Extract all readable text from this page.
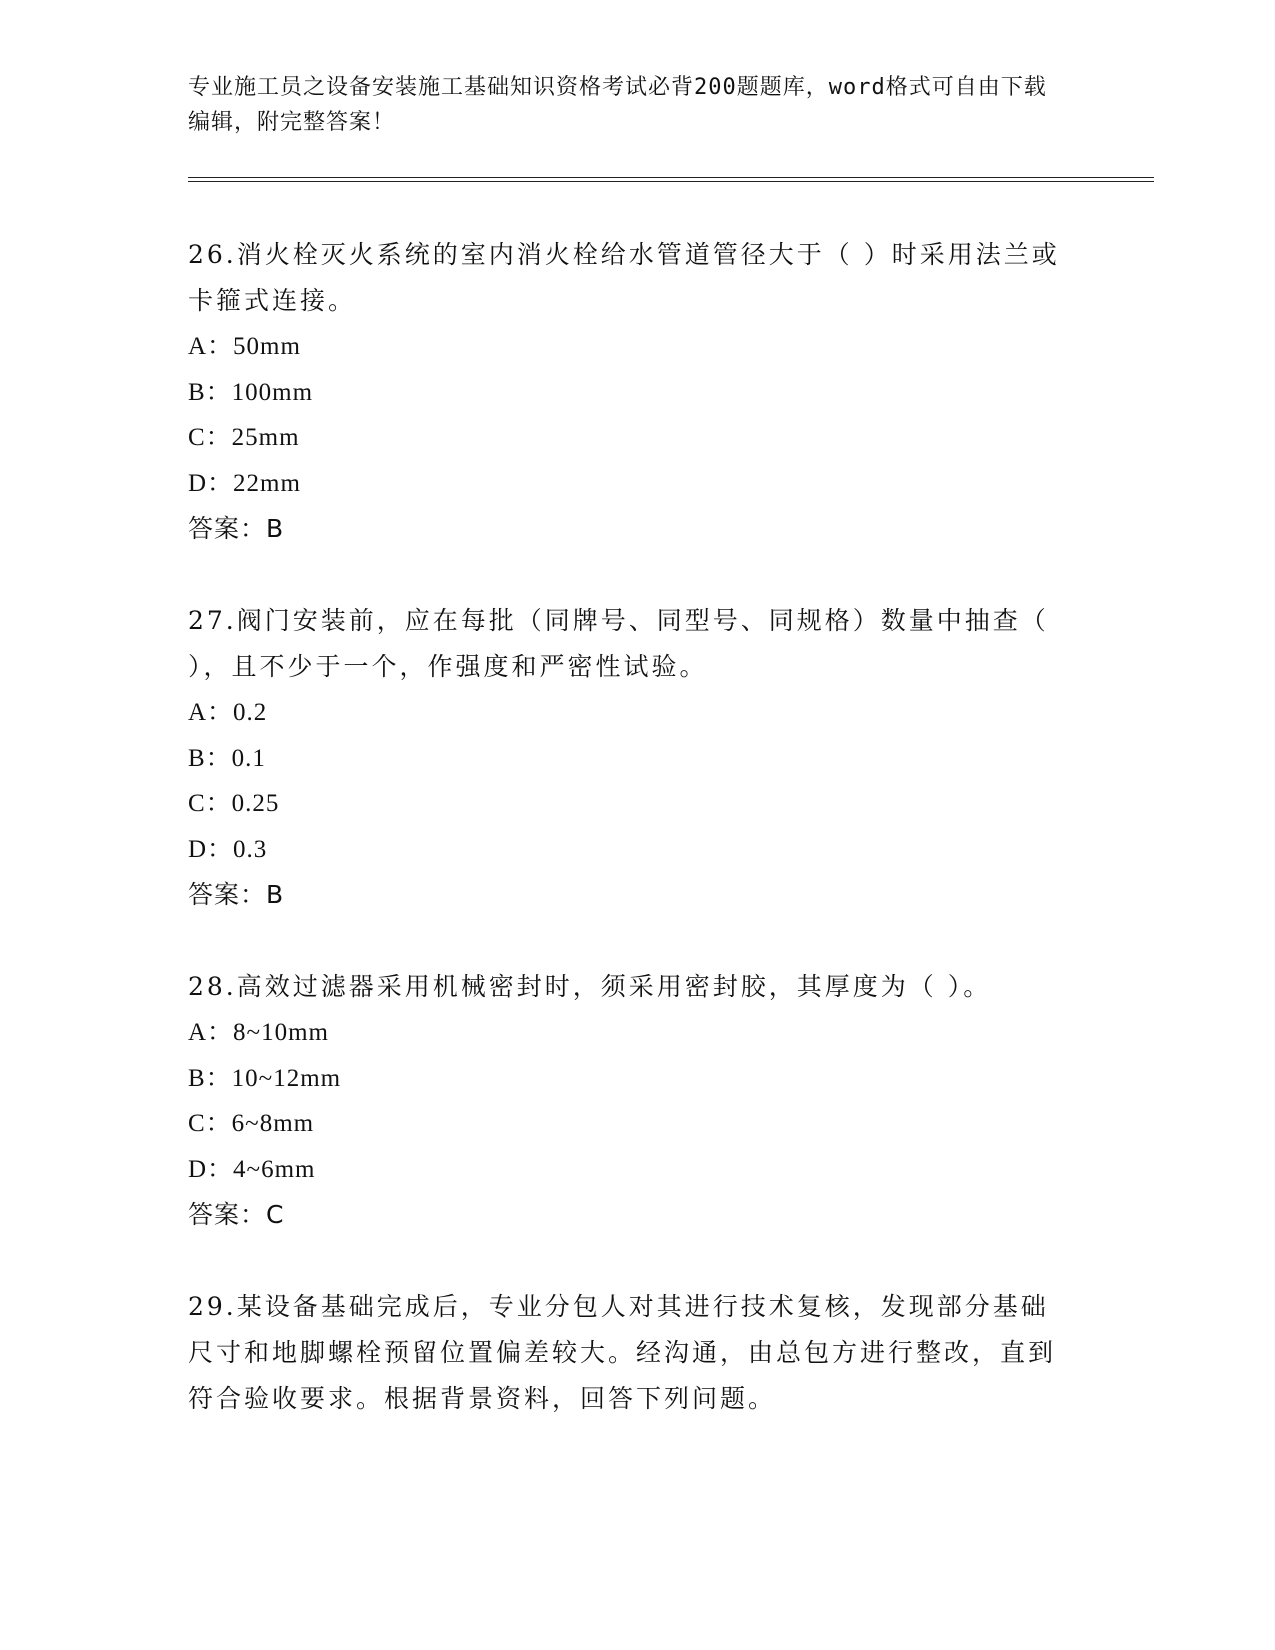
专业施工员之设备安装施工基础知识资格考试必背200题题库，word格式可自由下载编辑，附完整答案！

26.消火栓灭火系统的室内消火栓给水管道管径大于（ ）时采用法兰或卡箍式连接。

A：50mm

B：100mm

C：25mm

D：22mm

答案：B

27.阀门安装前，应在每批（同牌号、同型号、同规格）数量中抽查（ ），且不少于一个，作强度和严密性试验。

A：0.2

B：0.1

C：0.25

D：0.3

答案：B

28.高效过滤器采用机械密封时，须采用密封胶，其厚度为（ ）。

A：8~10mm

B：10~12mm

C：6~8mm

D：4~6mm

答案：C

29.某设备基础完成后，专业分包人对其进行技术复核，发现部分基础尺寸和地脚螺栓预留位置偏差较大。经沟通，由总包方进行整改，直到符合验收要求。根据背景资料，回答下列问题。
